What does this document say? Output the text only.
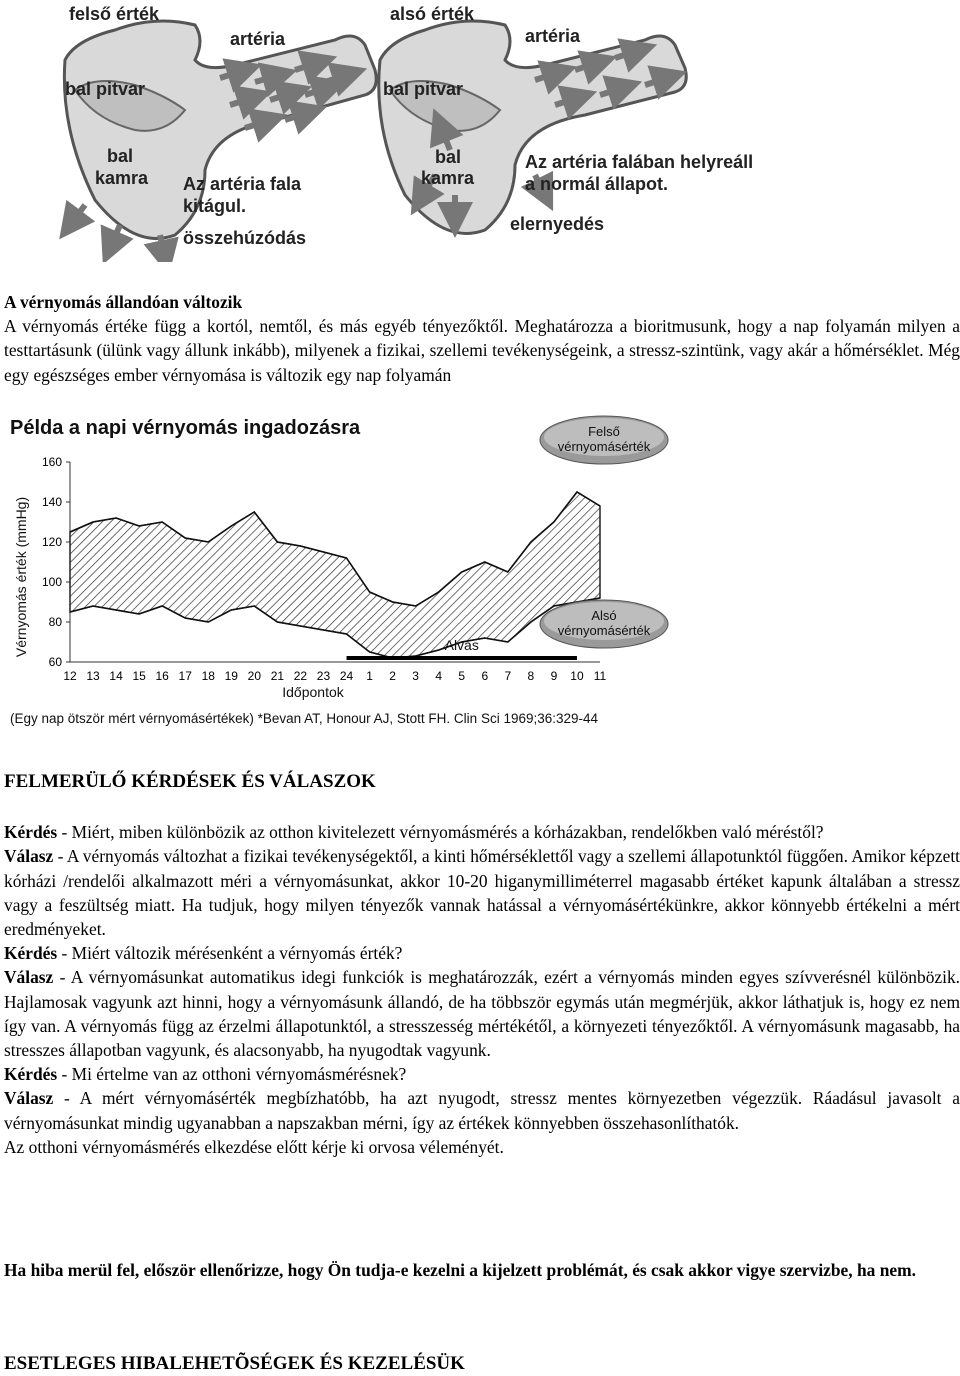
felső érték
artéria
bal pitvar
bal
kamra Az artéria fala
kitágul.
összehúzódás
alsó érték
artéria
bal pitvar
bal
kamra
Az artéria falában helyreáll
a normál állapot.
elernyedés

A vérnyomás állandóan változik

A vérnyomás értéke függ a kortól, nemtől, és más egyéb tényezőktől. Meghatározza a bioritmusunk, hogy a nap folyamán milyen a testtartásunk (ülünk vagy állunk inkább), milyenek a fizikai, szellemi tevékenységeink, a stressz-szintünk, vagy akár a hőmérséklet. Még egy egészséges ember vérnyomása is változik egy nap folyamán

Példa a napi vérnyomás ingadozásra
60
80
100
120
140
160
Alvás
12 13 14 15 16 17 18 19 20 21 22 23 24 1 2 3 4 5 6 7 8 9 10 11
Időpontok
Vérnyomás érték (mmHg)
Felső
vérnyomásérték
Alsó
vérnyomásérték
(Egy nap ötször mért vérnyomásértékek) *Bevan AT, Honour AJ, Stott FH. Clin Sci 1969;36:329-44

FELMERÜLŐ KÉRDÉSEK ÉS VÁLASZOK

Kérdés - Miért, miben különbözik az otthon kivitelezett vérnyomásmérés a kórházakban, rendelőkben való méréstől?

Válasz - A vérnyomás változhat a fizikai tevékenységektől, a kinti hőmérséklettől vagy a szellemi állapotunktól függően. Amikor képzett kórházi /rendelői alkalmazott méri a vérnyomásunkat, akkor 10-20 higanymilliméterrel magasabb értéket kapunk általában a stressz vagy a feszültség miatt. Ha tudjuk, hogy milyen tényezők vannak hatással a vérnyomásértékünkre, akkor könnyebb értékelni a mért eredményeket.

Kérdés - Miért változik mérésenként a vérnyomás érték?

Válasz - A vérnyomásunkat automatikus idegi funkciók is meghatározzák, ezért a vérnyomás minden egyes szívverésnél különbözik. Hajlamosak vagyunk azt hinni, hogy a vérnyomásunk állandó, de ha többször egymás után megmérjük, akkor láthatjuk is, hogy ez nem így van. A vérnyomás függ az érzelmi állapotunktól, a stresszesség mértékétől, a környezeti tényezőktől. A vérnyomásunk magasabb, ha stresszes állapotban vagyunk, és alacsonyabb, ha nyugodtak vagyunk.

Kérdés - Mi értelme van az otthoni vérnyomásmérésnek?

Válasz - A mért vérnyomásérték megbízhatóbb, ha azt nyugodt, stressz mentes környezetben végezzük. Ráadásul javasolt a vérnyomásunkat mindig ugyanabban a napszakban mérni, így az értékek könnyebben összehasonlíthatók.

Az otthoni vérnyomásmérés elkezdése előtt kérje ki orvosa véleményét.

Ha hiba merül fel, először ellenőrizze, hogy Ön tudja-e kezelni a kijelzett problémát, és csak akkor vigye szervizbe, ha nem.

ESETLEGES HIBALEHETÕSÉGEK ÉS KEZELÉSÜK
